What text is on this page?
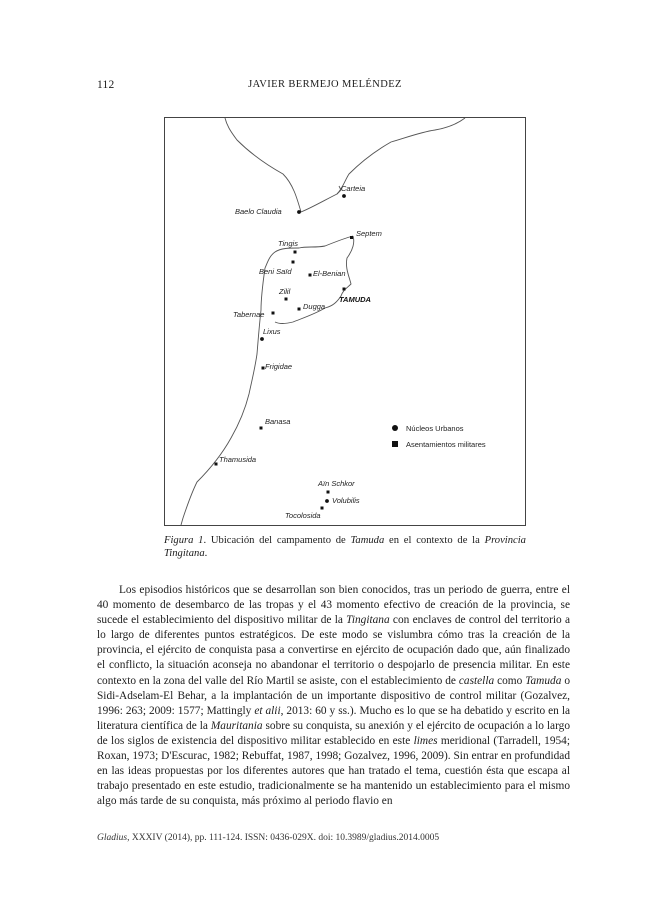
112	JAVIER BERMEJO MELÉNDEZ
Carteia
Baelo Claudia
Septem
Tingis
Beni Saïd	El-Benian
Zilil
TAMUDA
Dugga
Tabernae
Lixus
Frigidae
Banasa
Thamusida
Aïn Schkor
Volubilis
Tocolosida
Núcleos Urbanos
Asentamientos militares
Figura 1. Ubicación del campamento de Tamuda en el contexto de la Provincia Tingitana.

Los episodios históricos que se desarrollan son bien conocidos, tras un periodo de guerra, entre el 40 momento de desembarco de las tropas y el 43 momento efectivo de creación de la provincia, se sucede el establecimiento del dispositivo militar de la Tingitana con enclaves de control del territorio a lo largo de diferentes puntos estratégicos. De este modo se vislumbra cómo tras la creación de la provincia, el ejército de conquista pasa a convertirse en ejército de ocupación dado que, aún finalizado el conflicto, la situación aconseja no abandonar el territorio o despojarlo de presencia militar. En este contexto en la zona del valle del Río Martil se asiste, con el establecimiento de castella como Tamuda o Sidi-Adselam-El Behar, a la implantación de un importante dispositivo de control militar (Gozalvez, 1996: 263; 2009: 1577; Mattingly et alii, 2013: 60 y ss.). Mucho es lo que se ha debatido y escrito en la literatura científica de la Mauritania sobre su conquista, su anexión y el ejército de ocupación a lo largo de los siglos de existencia del dispositivo militar establecido en este limes meridional (Tarradell, 1954; Roxan, 1973; D'Escurac, 1982; Rebuffat, 1987, 1998; Gozalvez, 1996, 2009). Sin entrar en profundidad en las ideas propuestas por los diferentes autores que han tratado el tema, cuestión ésta que escapa al trabajo presentado en este estudio, tradicionalmente se ha mantenido un establecimiento para el mismo algo más tarde de su conquista, más próximo al periodo flavio en

Gladius, XXXIV (2014), pp. 111-124. ISSN: 0436-029X. doi: 10.3989/gladius.2014.0005
